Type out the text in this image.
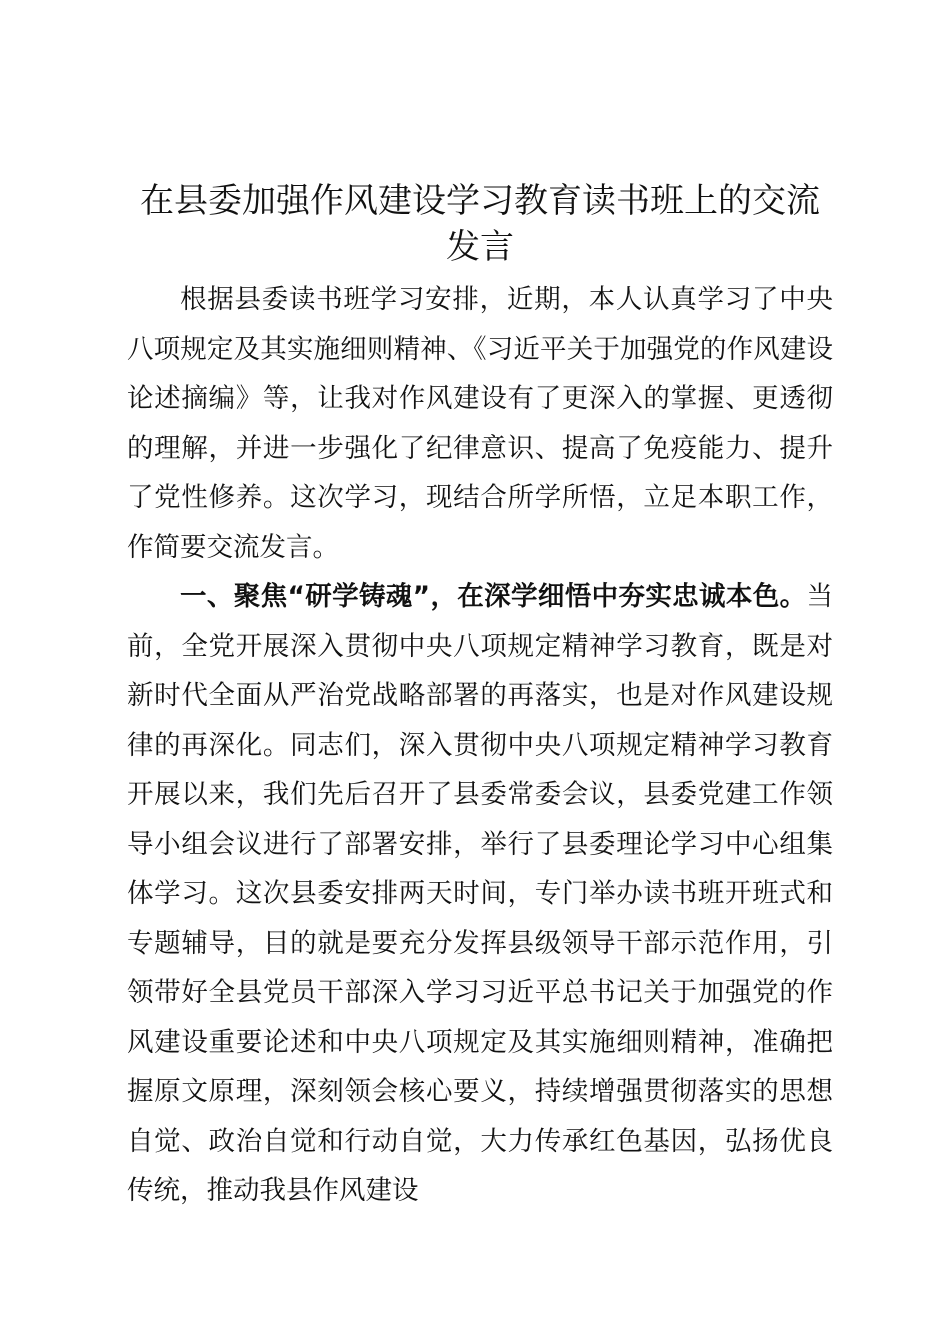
在县委加强作风建设学习教育读书班上的交流发言

根据县委读书班学习安排，近期，本人认真学习了中央八项规定及其实施细则精神、《习近平关于加强党的作风建设论述摘编》等，让我对作风建设有了更深入的掌握、更透彻的理解，并进一步强化了纪律意识、提高了免疫能力、提升了党性修养。这次学习，现结合所学所悟，立足本职工作，作简要交流发言。

一、聚焦“研学铸魂”，在深学细悟中夯实忠诚本色。当前，全党开展深入贯彻中央八项规定精神学习教育，既是对新时代全面从严治党战略部署的再落实，也是对作风建设规律的再深化。同志们，深入贯彻中央八项规定精神学习教育开展以来，我们先后召开了县委常委会议，县委党建工作领导小组会议进行了部署安排，举行了县委理论学习中心组集体学习。这次县委安排两天时间，专门举办读书班开班式和专题辅导，目的就是要充分发挥县级领导干部示范作用，引领带好全县党员干部深入学习习近平总书记关于加强党的作风建设重要论述和中央八项规定及其实施细则精神，准确把握原文原理，深刻领会核心要义，持续增强贯彻落实的思想自觉、政治自觉和行动自觉，大力传承红色基因，弘扬优良传统，推动我县作风建设
